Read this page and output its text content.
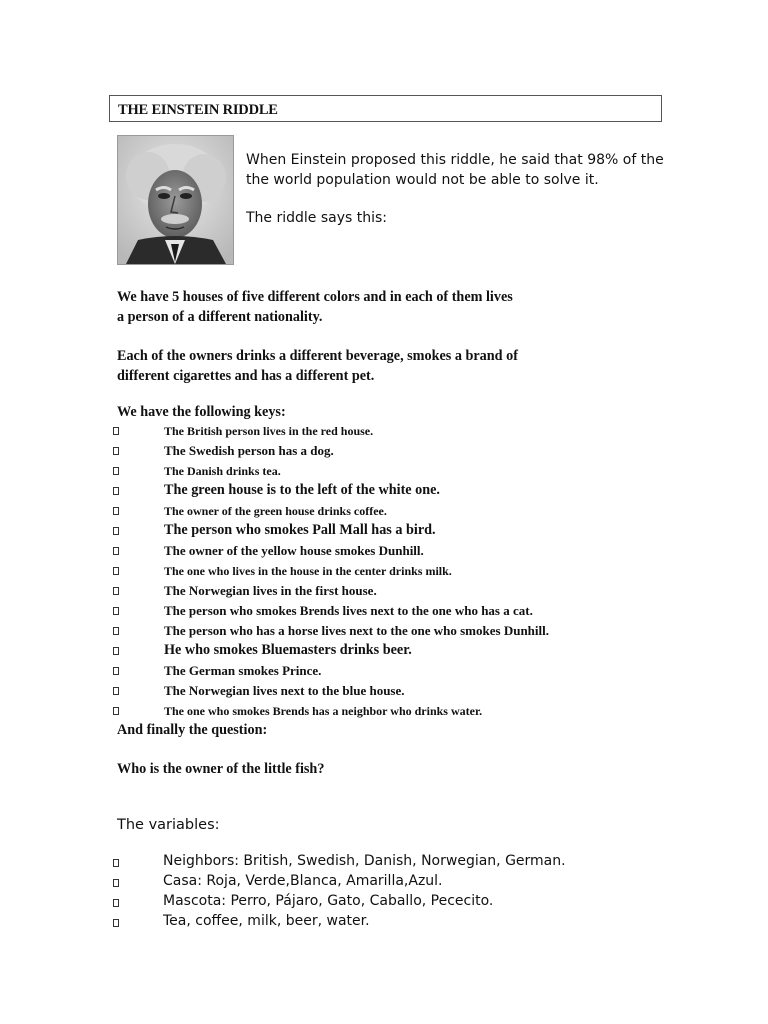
THE EINSTEIN RIDDLE

When Einstein proposed this riddle, he said that 98% of the

the world population would not be able to solve it.

The riddle says this:

We have 5 houses of five different colors and in each of them lives
a person of a different nationality.
Each of the owners drinks a different beverage, smokes a brand of
different cigarettes and has a different pet.
We have the following keys:
The British person lives in the red house.
The Swedish person has a dog.
The Danish drinks tea.
The green house is to the left of the white one.
The owner of the green house drinks coffee.
The person who smokes Pall Mall has a bird.
The owner of the yellow house smokes Dunhill.
The one who lives in the house in the center drinks milk.
The Norwegian lives in the first house.
The person who smokes Brends lives next to the one who has a cat.
The person who has a horse lives next to the one who smokes Dunhill.
He who smokes Bluemasters drinks beer.
The German smokes Prince.
The Norwegian lives next to the blue house.
The one who smokes Brends has a neighbor who drinks water.
And finally the question:
Who is the owner of the little fish?
The variables:
Neighbors: British, Swedish, Danish, Norwegian, German.
Casa: Roja, Verde,Blanca, Amarilla,Azul.
Mascota: Perro, Pájaro, Gato, Caballo, Pececito.
Tea, coffee, milk, beer, water.
